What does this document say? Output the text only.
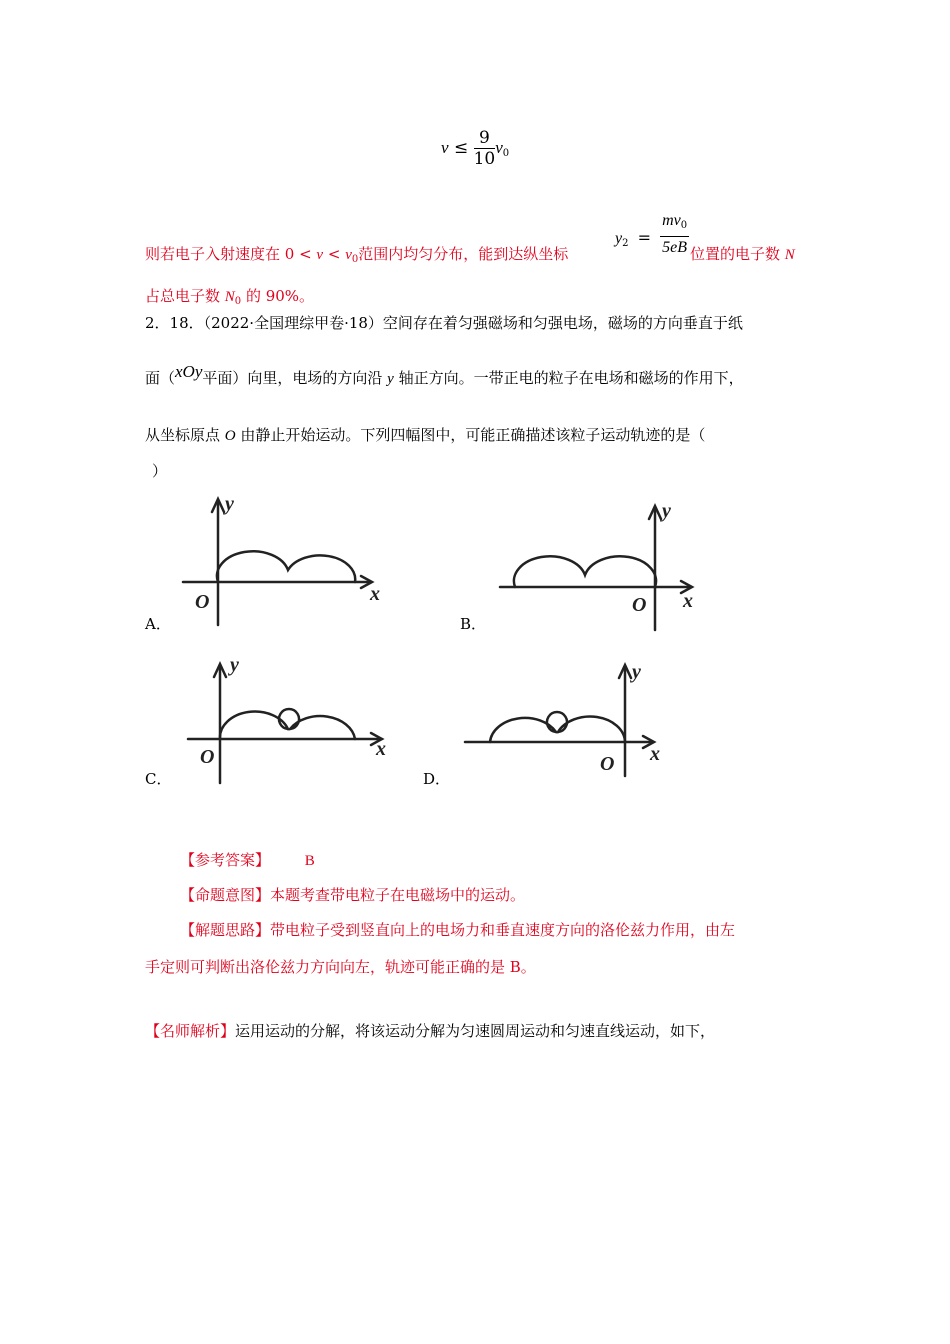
$v \le \frac{9}{10} v_0$
则若电子入射速度在 $0 < v < v_0$范围内均匀分布，能到达纵坐标
$y_2 = \frac{mv_0}{5eB}$ 位置的电子数 N
占总电子数 $N_0$ 的 90%。
2．18．（2022·全国理综甲卷·18）空间存在着匀强磁场和匀强电场，磁场的方向垂直于纸
面（xOy平面）向里，电场的方向沿 y 轴正方向。一带正电的粒子在电场和磁场的作用下，
从坐标原点 O 由静止开始运动。下列四幅图中，可能正确描述该粒子运动轨迹的是（
）
A．
y
x
O
B．
y
x
O
C．
y
x
O
D．
y
x
O
【参考答案】 B
【命题意图】本题考查带电粒子在电磁场中的运动。
【解题思路】带电粒子受到竖直向上的电场力和垂直速度方向的洛伦兹力作用，由左
手定则可判断出洛伦兹力方向向左，轨迹可能正确的是 B。
【名师解析】运用运动的分解，将该运动分解为匀速圆周运动和匀速直线运动，如下，
